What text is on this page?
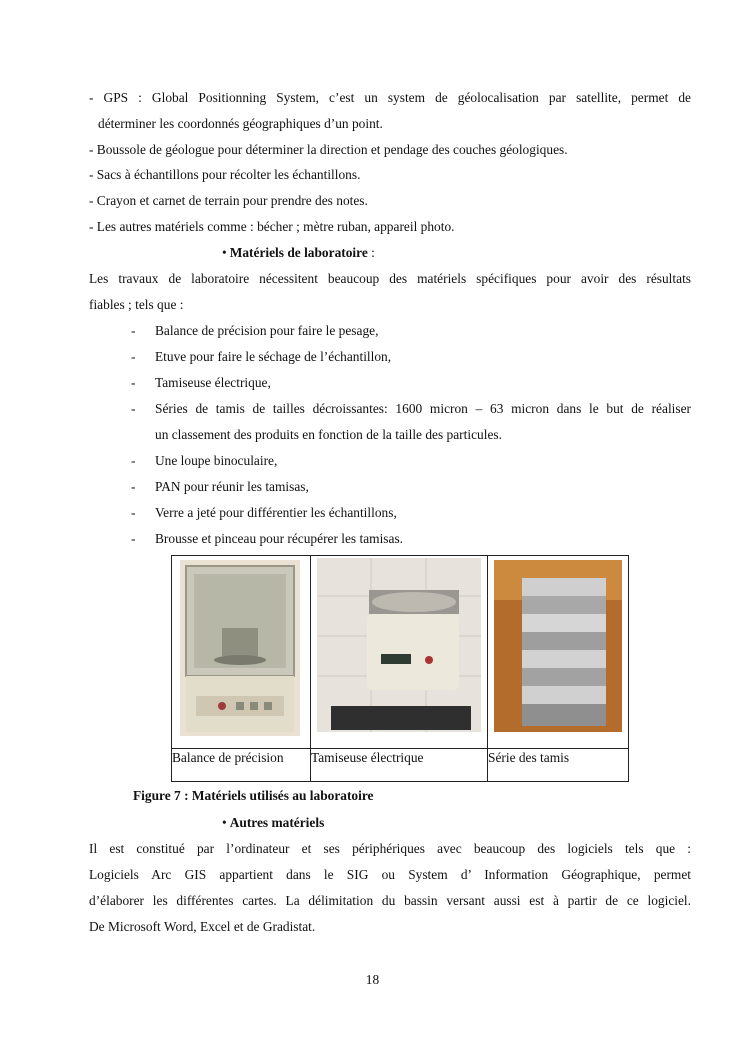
- GPS : Global Positionning System, c’est un system de géolocalisation par satellite, permet de
déterminer les coordonnés géographiques d’un point.
- Boussole de géologue pour déterminer la direction et pendage des couches géologiques.
- Sacs à échantillons pour récolter les échantillons.
- Crayon et carnet de terrain pour prendre des notes.
- Les autres matériels comme : bécher ; mètre ruban, appareil photo.
• Matériels de laboratoire :
Les travaux de laboratoire nécessitent beaucoup des matériels spécifiques pour avoir des résultats
fiables ; tels que :
- Balance de précision pour faire le pesage,
- Etuve pour faire le séchage de l’échantillon,
- Tamiseuse électrique,
- Séries de tamis de tailles décroissantes: 1600 micron – 63 micron dans le but de réaliser
un classement des produits en fonction de la taille des particules.
- Une loupe binoculaire,
- PAN pour réunir les tamisas,
- Verre a jeté pour différentier les échantillons,
- Brousse et pinceau pour récupérer les tamisas.

Balance de précision	Tamiseuse électrique	Série des tamis
Figure 7 : Matériels utilisés au laboratoire
• Autres matériels
Il est constitué par l’ordinateur et ses périphériques avec beaucoup des logiciels tels que :
Logiciels Arc GIS appartient dans le SIG ou System d’ Information Géographique, permet
d’élaborer les différentes cartes. La délimitation du bassin versant aussi est à partir de ce logiciel.
De Microsoft Word, Excel et de Gradistat.
18
